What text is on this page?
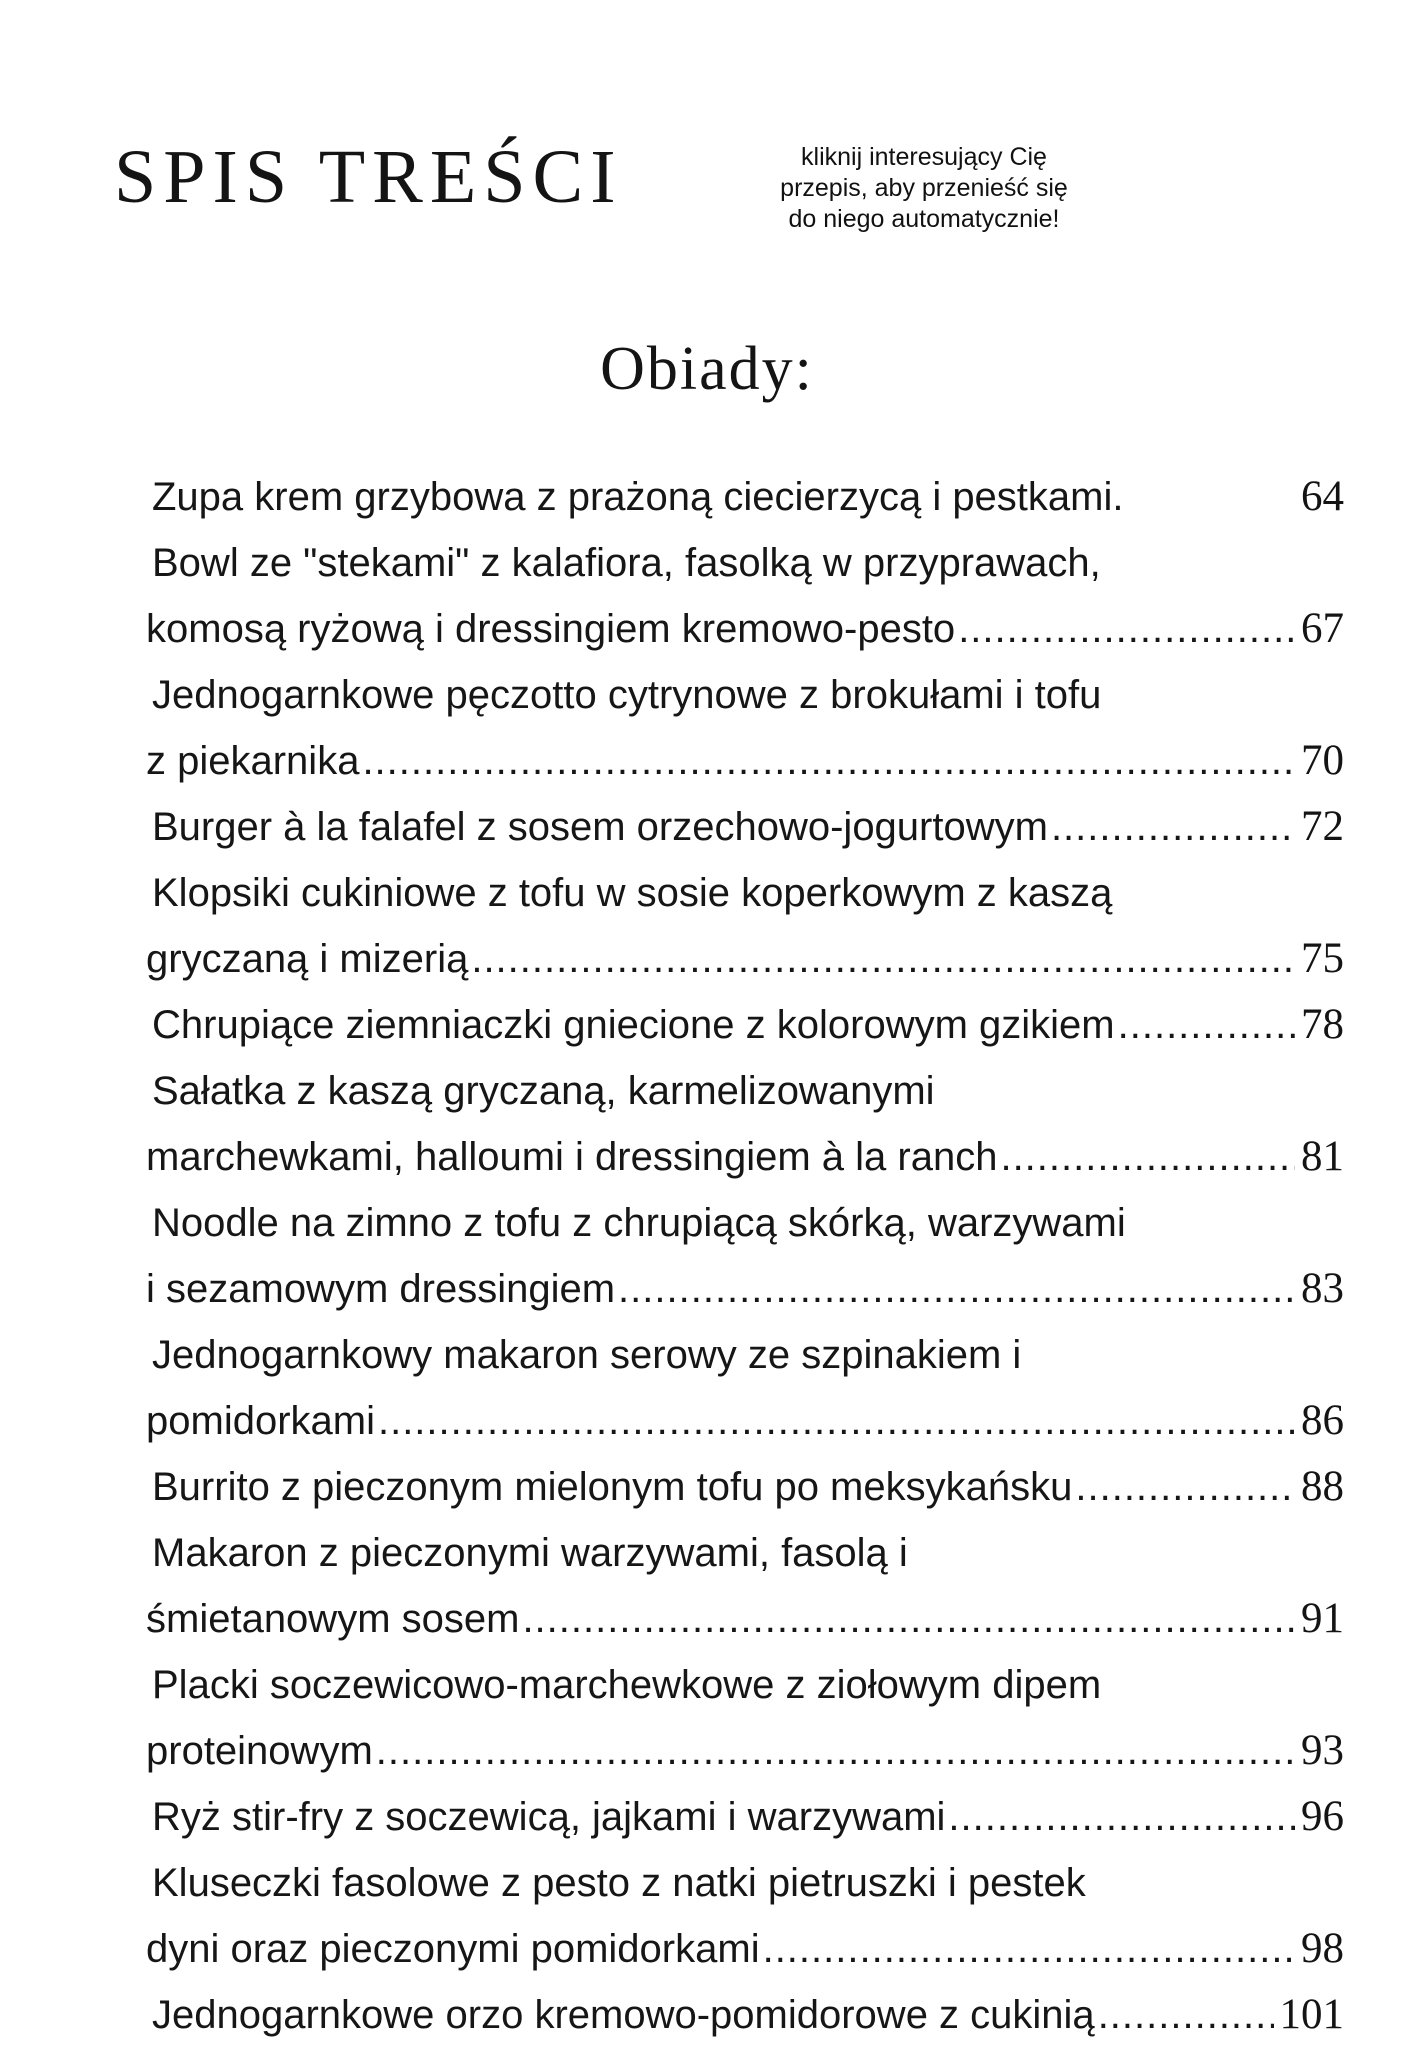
SPIS TREŚCI	kliknij interesujący Cię
przepis, aby przenieść się
do niego automatycznie!
Obiady:
Zupa krem grzybowa z prażoną ciecierzycą i pestkami.	64
Bowl ze "stekami" z kalafiora, fasolką w przyprawach,
komosą ryżową i dressingiem kremowo-pesto .....	67
Jednogarnkowe pęczotto cytrynowe z brokułami i tofu
z piekarnika .....	70
Burger à la falafel z sosem orzechowo-jogurtowym .....	72
Klopsiki cukiniowe z tofu w sosie koperkowym z kaszą
gryczaną i mizerią .....	75
Chrupiące ziemniaczki gniecione z kolorowym gzikiem .....	78
Sałatka z kaszą gryczaną, karmelizowanymi
marchewkami, halloumi i dressingiem à la ranch .....	81
Noodle na zimno z tofu z chrupiącą skórką, warzywami
i sezamowym dressingiem .....	83
Jednogarnkowy makaron serowy ze szpinakiem i
pomidorkami .....	86
Burrito z pieczonym mielonym tofu po meksykańsku .....	88
Makaron z pieczonymi warzywami, fasolą i
śmietanowym sosem .....	91
Placki soczewicowo-marchewkowe z ziołowym dipem
proteinowym .....	93
Ryż stir-fry z soczewicą, jajkami i warzywami .....	96
Kluseczki fasolowe z pesto z natki pietruszki i pestek
dyni oraz pieczonymi pomidorkami .....	98
Jednogarnkowe orzo kremowo-pomidorowe z cukinią .....	101
